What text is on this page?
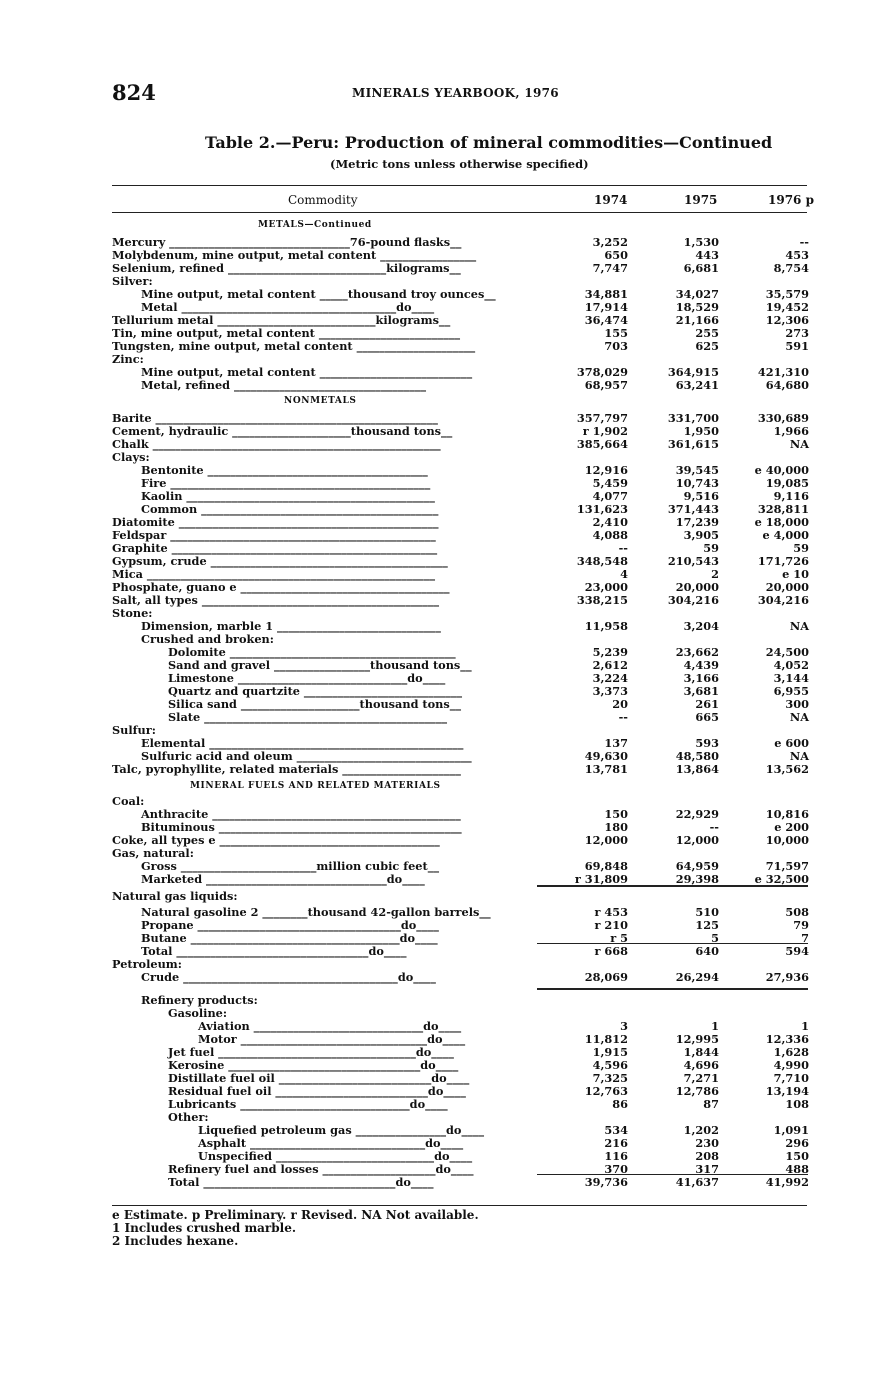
824	MINERALS YEARBOOK, 1976
Table 2.—Peru: Production of mineral commodities—Continued
(Metric tons unless otherwise specified)
Commodity	1974	1975	1976 p
METALS—Continued
Mercury ________________________________76-pound flasks__	3,252	1,530	--
Molybdenum, mine output, metal content _________________	650	443	453
Selenium, refined ____________________________kilograms__	7,747	6,681	8,754
Silver:
Mine output, metal content _____thousand troy ounces__	34,881	34,027	35,579
Metal ______________________________________do____	17,914	18,529	19,452
Tellurium metal ____________________________kilograms__	36,474	21,166	12,306
Tin, mine output, metal content _________________________	155	255	273
Tungsten, mine output, metal content _____________________	703	625	591
Zinc:
Mine output, metal content ___________________________	378,029	364,915	421,310
Metal, refined __________________________________	68,957	63,241	64,680
NONMETALS
Barite __________________________________________________	357,797	331,700	330,689
Cement, hydraulic _____________________thousand tons__	r 1,902	1,950	1,966
Chalk ___________________________________________________	385,664	361,615	NA
Clays:
Bentonite _______________________________________	12,916	39,545	e 40,000
Fire ______________________________________________	5,459	10,743	19,085
Kaolin ____________________________________________	4,077	9,516	9,116
Common __________________________________________	131,623	371,443	328,811
Diatomite ______________________________________________	2,410	17,239	e 18,000
Feldspar _______________________________________________	4,088	3,905	e 4,000
Graphite _______________________________________________	--	59	59
Gypsum, crude __________________________________________	348,548	210,543	171,726
Mica ___________________________________________________	4	2	e 10
Phosphate, guano e _____________________________________	23,000	20,000	20,000
Salt, all types __________________________________________	338,215	304,216	304,216
Stone:
Dimension, marble 1 _____________________________	11,958	3,204	NA
Crushed and broken:
Dolomite ________________________________________	5,239	23,662	24,500
Sand and gravel _________________thousand tons__	2,612	4,439	4,052
Limestone ______________________________do____	3,224	3,166	3,144
Quartz and quartzite ____________________________	3,373	3,681	6,955
Silica sand _____________________thousand tons__	20	261	300
Slate ___________________________________________	--	665	NA
Sulfur:
Elemental _____________________________________________	137	593	e 600
Sulfuric acid and oleum _______________________________	49,630	48,580	NA
Talc, pyrophyllite, related materials _____________________	13,781	13,864	13,562
MINERAL FUELS AND RELATED MATERIALS
Coal:
Anthracite ____________________________________________	150	22,929	10,816
Bituminous ___________________________________________	180	--	e 200
Coke, all types e _______________________________________	12,000	12,000	10,000
Gas, natural:
Gross ________________________million cubic feet__	69,848	64,959	71,597
Marketed ________________________________do____	r 31,809	29,398	e 32,500
Natural gas liquids:
Natural gasoline 2 ________thousand 42-gallon barrels__	r 453	510	508
Propane ____________________________________do____	r 210	125	79
Butane _____________________________________do____	r 5	5	7
Total __________________________________do____	r 668	640	594
Petroleum:
Crude ______________________________________do____	28,069	26,294	27,936
Refinery products:
Gasoline:
Aviation ______________________________do____	3	1	1
Motor _________________________________do____	11,812	12,995	12,336
Jet fuel ___________________________________do____	1,915	1,844	1,628
Kerosine __________________________________do____	4,596	4,696	4,990
Distillate fuel oil ___________________________do____	7,325	7,271	7,710
Residual fuel oil ___________________________do____	12,763	12,786	13,194
Lubricants ______________________________do____	86	87	108
Other:
Liquefied petroleum gas ________________do____	534	1,202	1,091
Asphalt _______________________________do____	216	230	296
Unspecified ____________________________do____	116	208	150
Refinery fuel and losses ____________________do____	370	317	488
Total __________________________________do____	39,736	41,637	41,992
e Estimate. p Preliminary. r Revised. NA Not available.
1 Includes crushed marble.
2 Includes hexane.
